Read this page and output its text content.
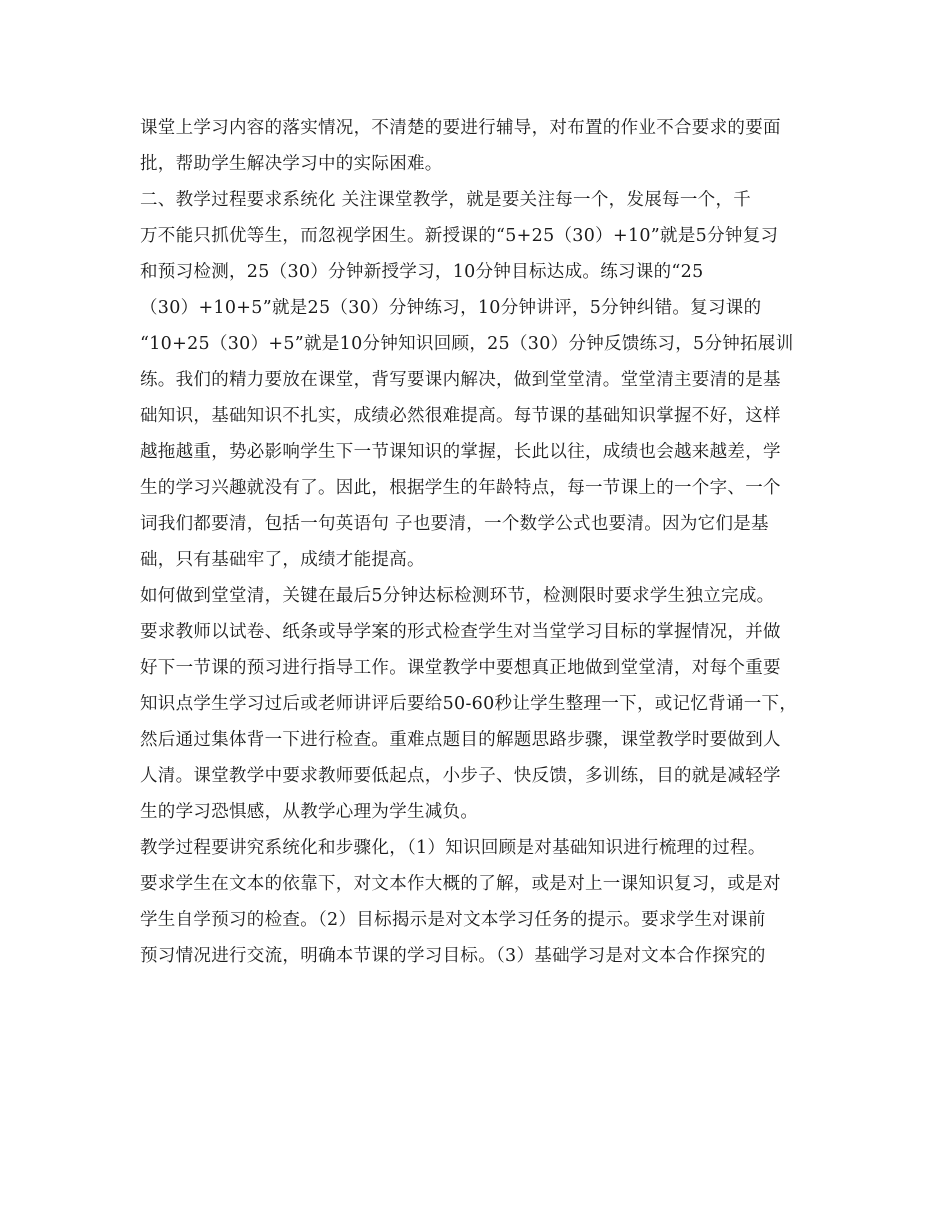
课堂上学习内容的落实情况，不清楚的要进行辅导，对布置的作业不合要求的要面
批，帮助学生解决学习中的实际困难。
二、教学过程要求系统化 关注课堂教学，就是要关注每一个，发展每一个，千
万不能只抓优等生，而忽视学困生。新授课的“5+25（30）+10”就是5分钟复习
和预习检测，25（30）分钟新授学习，10分钟目标达成。练习课的“25
（30）+10+5”就是25（30）分钟练习，10分钟讲评，5分钟纠错。复习课的
“10+25（30）+5”就是10分钟知识回顾，25（30）分钟反馈练习，5分钟拓展训
练。我们的精力要放在课堂，背写要课内解决，做到堂堂清。堂堂清主要清的是基
础知识，基础知识不扎实，成绩必然很难提高。每节课的基础知识掌握不好，这样
越拖越重，势必影响学生下一节课知识的掌握，长此以往，成绩也会越来越差，学
生的学习兴趣就没有了。因此，根据学生的年龄特点，每一节课上的一个字、一个
词我们都要清，包括一句英语句 子也要清，一个数学公式也要清。因为它们是基
础，只有基础牢了，成绩才能提高。
如何做到堂堂清，关键在最后5分钟达标检测环节，检测限时要求学生独立完成。
要求教师以试卷、纸条或导学案的形式检查学生对当堂学习目标的掌握情况，并做
好下一节课的预习进行指导工作。课堂教学中要想真正地做到堂堂清，对每个重要
知识点学生学习过后或老师讲评后要给50-60秒让学生整理一下，或记忆背诵一下，
然后通过集体背一下进行检查。重难点题目的解题思路步骤，课堂教学时要做到人
人清。课堂教学中要求教师要低起点，小步子、快反馈，多训练，目的就是减轻学
生的学习恐惧感，从教学心理为学生减负。
教学过程要讲究系统化和步骤化，（1）知识回顾是对基础知识进行梳理的过程。
要求学生在文本的依靠下，对文本作大概的了解，或是对上一课知识复习，或是对
学生自学预习的检查。（2）目标揭示是对文本学习任务的提示。要求学生对课前
预习情况进行交流，明确本节课的学习目标。（3）基础学习是对文本合作探究的
